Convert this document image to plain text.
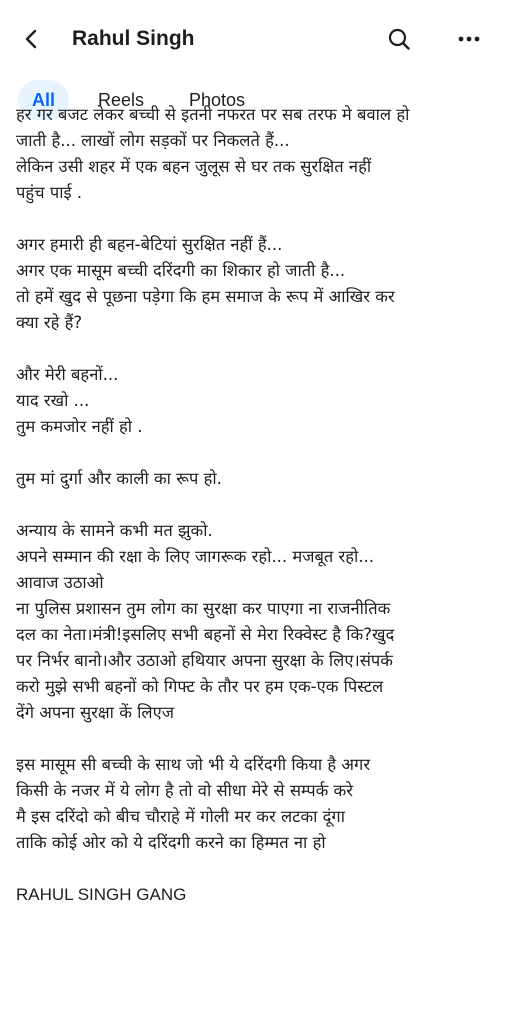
Rahul Singh
All	Reels	Photos
हर गर बजट लेकर बच्ची से इतनी नफरत पर सब तरफ मे बवाल हो
जाती है... लाखों लोग सड़कों पर निकलते हैं...
लेकिन उसी शहर में एक बहन जुलूस से घर तक सुरक्षित नहीं
पहुंच पाई .
अगर हमारी ही बहन-बेटियां सुरक्षित नहीं हैं...
अगर एक मासूम बच्ची दरिंदगी का शिकार हो जाती है...
तो हमें खुद से पूछना पड़ेगा कि हम समाज के रूप में आखिर कर
क्या रहे हैं?
और मेरी बहनों...
याद रखो ...
तुम कमजोर नहीं हो .
तुम मां दुर्गा और काली का रूप हो.
अन्याय के सामने कभी मत झुको.
अपने सम्मान की रक्षा के लिए जागरूक रहो... मजबूत रहो...
आवाज उठाओ
ना पुलिस प्रशासन तुम लोग का सुरक्षा कर पाएगा ना राजनीतिक
दल का नेता।मंत्री!इसलिए सभी बहनों से मेरा रिक्वेस्ट है कि?खुद
पर निर्भर बानो।और उठाओ हथियार अपना सुरक्षा के लिए।संपर्क
करो मुझे सभी बहनों को गिफ्ट के तौर पर हम एक-एक पिस्टल
देंगे अपना सुरक्षा कें लिएज
इस मासूम सी बच्ची के साथ जो भी ये दरिंदगी किया है अगर
किसी के नजर में ये लोग है तो वो सीधा मेरे से सम्पर्क करे
मै इस दरिंदो को बीच चौराहे में गोली मर कर लटका दूंगा
ताकि कोई ओर को ये दरिंदगी करने का हिम्मत ना हो
RAHUL SINGH GANG
